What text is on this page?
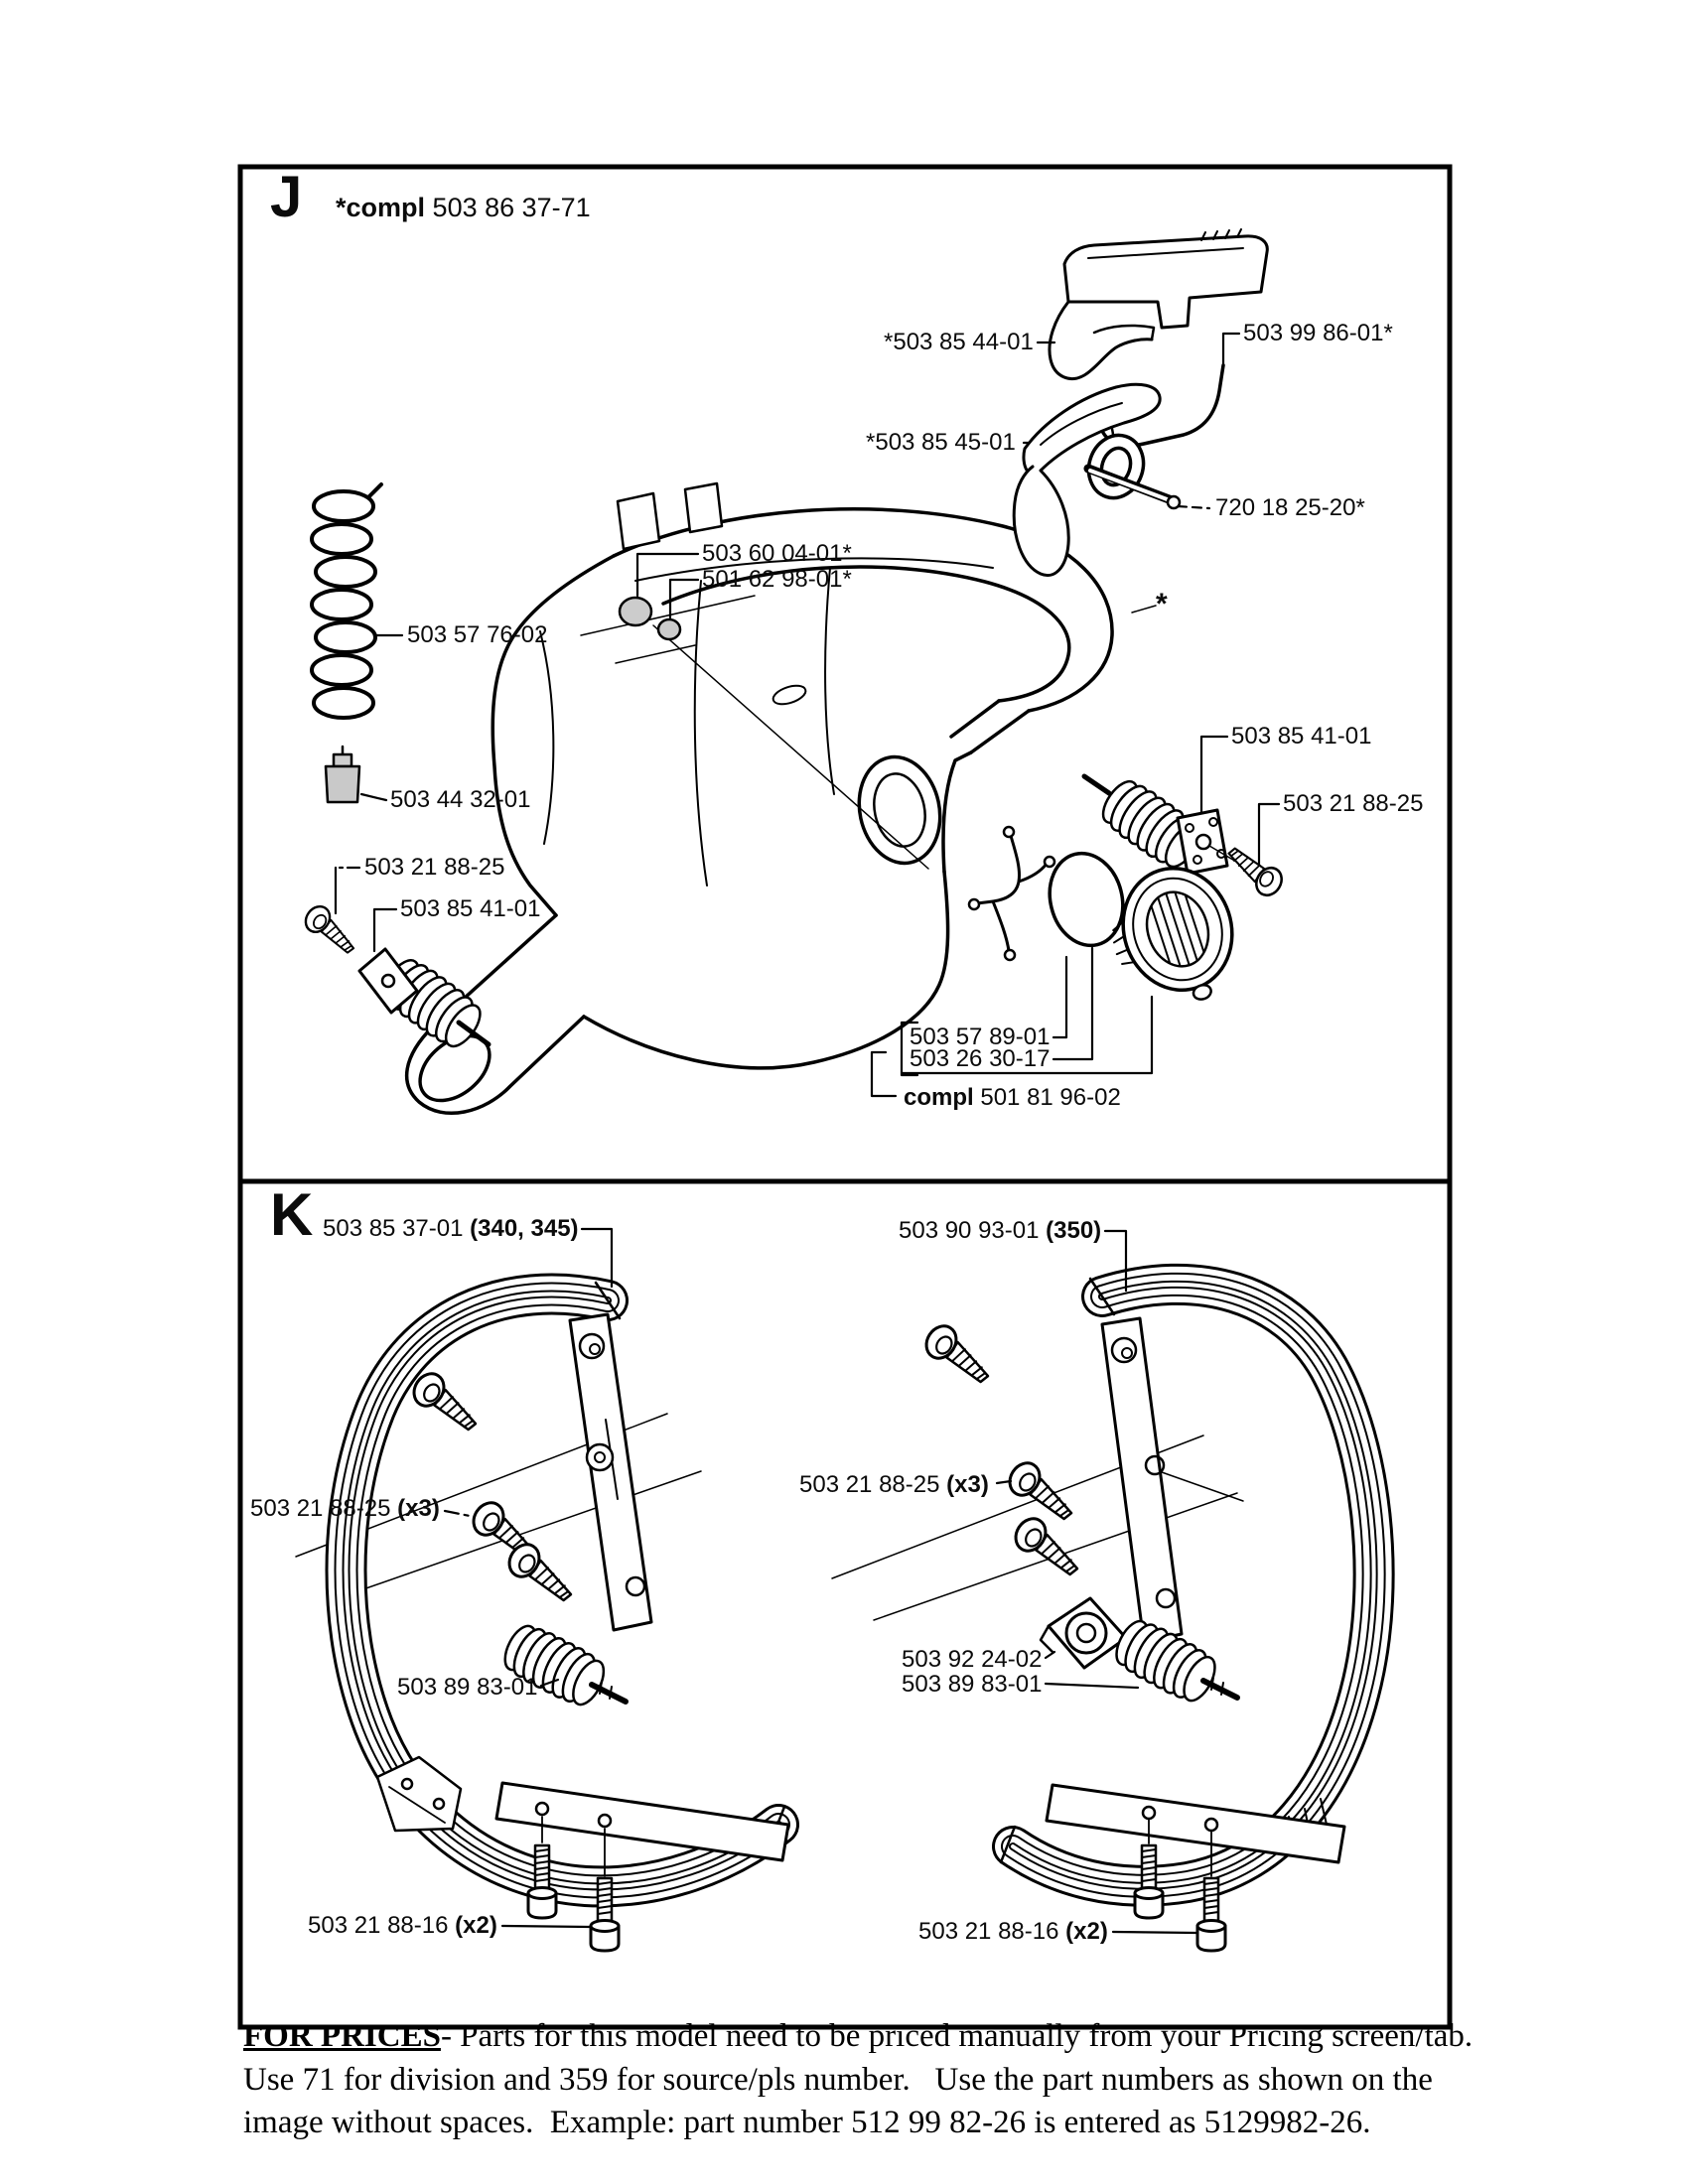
J *compl 503 86 37-71
*503 85 44-01	503 99 86-01*
*503 85 45-01
720 18 25-20*
503 60 04-01*
501 62 98-01*
503 57 76-02
503 44 32-01
503 85 41-01
503 21 88-25
503 21 88-25
503 85 41-01
503 57 89-01
503 26 30-17
compl 501 81 96-02
*
K 503 85 37-01 (340, 345)	503 90 93-01 (350)
503 21 88-25 (x3)
503 21 88-25 (x3)
503 89 83-01
503 92 24-02
503 89 83-01
503 21 88-16 (x2)	503 21 88-16 (x2)
FOR PRICES- Parts for this model need to be priced manually from your Pricing screen/tab.
Use 71 for division and 359 for source/pls number.   Use the part numbers as shown on the
image without spaces.  Example: part number 512 99 82-26 is entered as 5129982-26.
